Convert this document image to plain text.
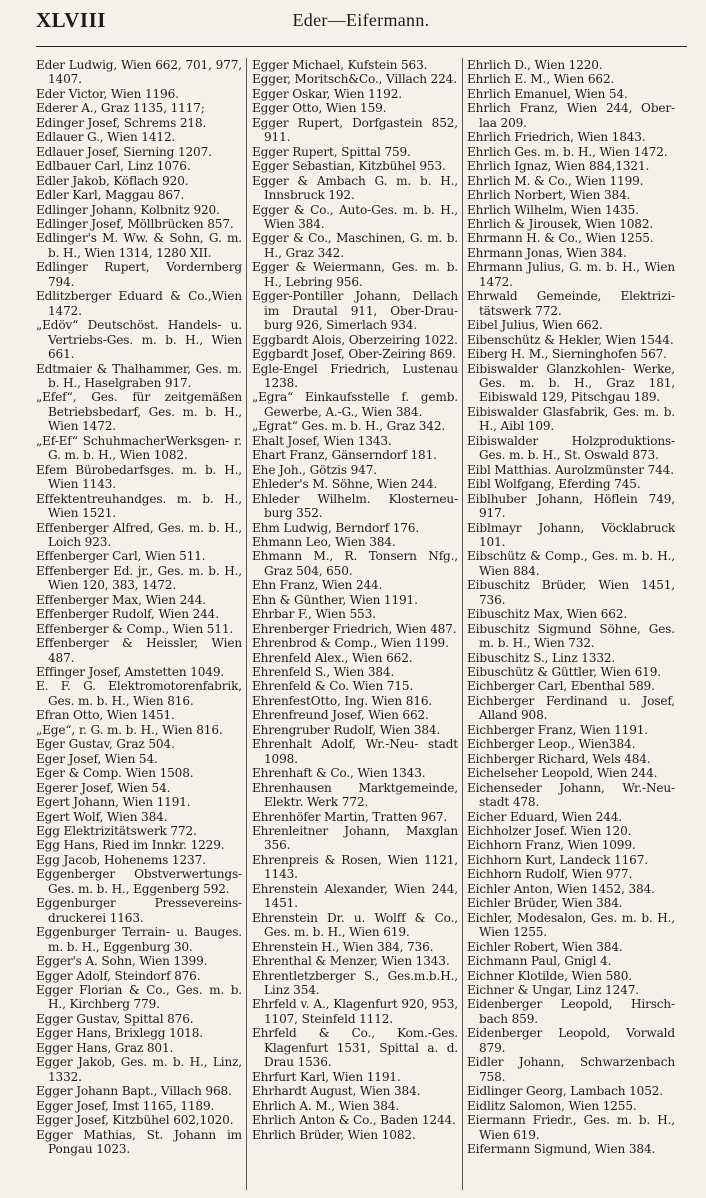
XLVIII	Eder—Eifermann.

Eder Ludwig, Wien 662, 701, 977, 1407.

Eder Victor, Wien 1196.

Ederer A., Graz 1135, 1117;

Edinger Josef, Schrems 218.

Edlauer G., Wien 1412.

Edlauer Josef, Sierning 1207.

Edlbauer Carl, Linz 1076.

Edler Jakob, Köflach 920.

Edler Karl, Maggau 867.

Edlinger Johann, Kolbnitz 920.

Edlinger Josef, Möllbrücken 857.

Edlinger's M. Ww. & Sohn, G. m. b. H., Wien 1314, 1280 XII.

Edlinger Rupert, Vordernberg 794.

Edlitzberger Eduard & Co.,Wien 1472.

„Edöv“ Deutschöst. Handels- u. Vertriebs-Ges. m. b. H., Wien 661.

Edtmaier & Thalhammer, Ges. m. b. H., Haselgraben 917.

„Efef“, Ges. für zeitgemäßen Betriebsbedarf, Ges. m. b. H., Wien 1472.

„Ef-Ef“ SchuhmacherWerksgen- r. G. m. b. H., Wien 1082.

Efem Bürobedarfsges. m. b. H., Wien 1143.

Effektentreuhandges. m. b. H., Wien 1521.

Effenberger Alfred, Ges. m. b. H., Loich 923.

Effenberger Carl, Wien 511.

Effenberger Ed. jr., Ges. m. b. H., Wien 120, 383, 1472.

Effenberger Max, Wien 244.

Effenberger Rudolf, Wien 244.

Effenberger & Comp., Wien 511.

Effenberger & Heissler, Wien 487.

Effinger Josef, Amstetten 1049.

E. F. G. Elektromotorenfabrik, Ges. m. b. H., Wien 816.

Efran Otto, Wien 1451.

„Ege“, r. G. m. b. H., Wien 816.

Eger Gustav, Graz 504.

Eger Josef, Wien 54.

Eger & Comp. Wien 1508.

Egerer Josef, Wien 54.

Egert Johann, Wien 1191.

Egert Wolf, Wien 384.

Egg Elektrizitätswerk 772.

Egg Hans, Ried im Innkr. 1229.

Egg Jacob, Hohenems 1237.

Eggenberger Obstverwertungs- Ges. m. b. H., Eggenberg 592.

Eggenburger Pressevereins- druckerei 1163.

Eggenburger Terrain- u. Bauges. m. b. H., Eggenburg 30.

Egger's A. Sohn, Wien 1399.

Egger Adolf, Steindorf 876.

Egger Florian & Co., Ges. m. b. H., Kirchberg 779.

Egger Gustav, Spittal 876.

Egger Hans, Brixlegg 1018.

Egger Hans, Graz 801.

Egger Jakob, Ges. m. b. H., Linz, 1332.

Egger Johann Bapt., Villach 968.

Egger Josef, Imst 1165, 1189.

Egger Josef, Kitzbühel 602,1020.

Egger Mathias, St. Johann im Pongau 1023.

Egger Michael, Kufstein 563.

Egger, Moritsch&Co., Villach 224.

Egger Oskar, Wien 1192.

Egger Otto, Wien 159.

Egger Rupert, Dorfgastein 852, 911.

Egger Rupert, Spittal 759.

Egger Sebastian, Kitzbühel 953.

Egger & Ambach G. m. b. H., Innsbruck 192.

Egger & Co., Auto-Ges. m. b. H., Wien 384.

Egger & Co., Maschinen, G. m. b. H., Graz 342.

Egger & Weiermann, Ges. m. b. H., Lebring 956.

Egger-Pontiller Johann, Dellach im Drautal 911, Ober-Drau- burg 926, Simerlach 934.

Eggbardt Alois, Oberzeiring 1022.

Eggbardt Josef, Ober-Zeiring 869.

Egle-Engel Friedrich, Lustenau 1238.

„Egra“ Einkaufsstelle f. gemb. Gewerbe, A.-G., Wien 384.

„Egrat“ Ges. m. b. H., Graz 342.

Ehalt Josef, Wien 1343.

Ehart Franz, Gänserndorf 181.

Ehe Joh., Götzis 947.

Ehleder's M. Söhne, Wien 244.

Ehleder Wilhelm. Klosterneu- burg 352.

Ehm Ludwig, Berndorf 176.

Ehmann Leo, Wien 384.

Ehmann M., R. Tonsern Nfg., Graz 504, 650.

Ehn Franz, Wien 244.

Ehn & Günther, Wien 1191.

Ehrbar F., Wien 553.

Ehrenberger Friedrich, Wien 487.

Ehrenbrod & Comp., Wien 1199.

Ehrenfeld Alex., Wien 662.

Ehrenfeld S., Wien 384.

Ehrenfeld & Co. Wien 715.

EhrenfestOtto, Ing. Wien 816.

Ehrenfreund Josef, Wien 662.

Ehrengruber Rudolf, Wien 384.

Ehrenhalt Adolf, Wr.-Neu- stadt 1098.

Ehrenhaft & Co., Wien 1343.

Ehrenhausen Marktgemeinde, Elektr. Werk 772.

Ehrenhöfer Martin, Tratten 967.

Ehrenleitner Johann, Maxglan 356.

Ehrenpreis & Rosen, Wien 1121, 1143.

Ehrenstein Alexander, Wien 244, 1451.

Ehrenstein Dr. u. Wolff & Co., Ges. m. b. H., Wien 619.

Ehrenstein H., Wien 384, 736.

Ehrenthal & Menzer, Wien 1343.

Ehrentletzberger S., Ges.m.b.H., Linz 354.

Ehrfeld v. A., Klagenfurt 920, 953, 1107, Steinfeld 1112.

Ehrfeld & Co., Kom.-Ges. Klagenfurt 1531, Spittal a. d. Drau 1536.

Ehrfurt Karl, Wien 1191.

Ehrhardt August, Wien 384.

Ehrlich A. M., Wien 384.

Ehrlich Anton & Co., Baden 1244.

Ehrlich Brüder, Wien 1082.

Ehrlich D., Wien 1220.

Ehrlich E. M., Wien 662.

Ehrlich Emanuel, Wien 54.

Ehrlich Franz, Wien 244, Ober- laa 209.

Ehrlich Friedrich, Wien 1843.

Ehrlich Ges. m. b. H., Wien 1472.

Ehrlich Ignaz, Wien 884,1321.

Ehrlich M. & Co., Wien 1199.

Ehrlich Norbert, Wien 384.

Ehrlich Wilhelm, Wien 1435.

Ehrlich & Jirousek, Wien 1082.

Ehrmann H. & Co., Wien 1255.

Ehrmann Jonas, Wien 384.

Ehrmann Julius, G. m. b. H., Wien 1472.

Ehrwald Gemeinde, Elektrizi- tätswerk 772.

Eibel Julius, Wien 662.

Eibenschütz & Hekler, Wien 1544.

Eiberg H. M., Sierninghofen 567.

Eibiswalder Glanzkohlen- Werke, Ges. m. b. H., Graz 181, Eibiswald 129, Pitschgau 189.

Eibiswalder Glasfabrik, Ges. m. b. H., Aibl 109.

Eibiswalder Holzproduktions- Ges. m. b. H., St. Oswald 873.

Eibl Matthias. Aurolzmünster 744.

Eibl Wolfgang, Eferding 745.

Eiblhuber Johann, Höflein 749, 917.

Eiblmayr Johann, Vöcklabruck 101.

Eibschütz & Comp., Ges. m. b. H., Wien 884.

Eibuschitz Brüder, Wien 1451, 736.

Eibuschitz Max, Wien 662.

Eibuschitz Sigmund Söhne, Ges. m. b. H., Wien 732.

Eibuschitz S., Linz 1332.

Eibuschütz & Güttler, Wien 619.

Eichberger Carl, Ebenthal 589.

Eichberger Ferdinand u. Josef, Alland 908.

Eichberger Franz, Wien 1191.

Eichberger Leop., Wien384.

Eichberger Richard, Wels 484.

Eichelseher Leopold, Wien 244.

Eichenseder Johann, Wr.-Neu- stadt 478.

Eicher Eduard, Wien 244.

Eichholzer Josef. Wien 120.

Eichhorn Franz, Wien 1099.

Eichhorn Kurt, Landeck 1167.

Eichhorn Rudolf, Wien 977.

Eichler Anton, Wien 1452, 384.

Eichler Brüder, Wien 384.

Eichler, Modesalon, Ges. m. b. H., Wien 1255.

Eichler Robert, Wien 384.

Eichmann Paul, Gnigl 4.

Eichner Klotilde, Wien 580.

Eichner & Ungar, Linz 1247.

Eidenberger Leopold, Hirsch- bach 859.

Eidenberger Leopold, Vorwald 879.

Eidler Johann, Schwarzenbach 758.

Eidlinger Georg, Lambach 1052.

Eidlitz Salomon, Wien 1255.

Eiermann Friedr., Ges. m. b. H., Wien 619.

Eifermann Sigmund, Wien 384.
